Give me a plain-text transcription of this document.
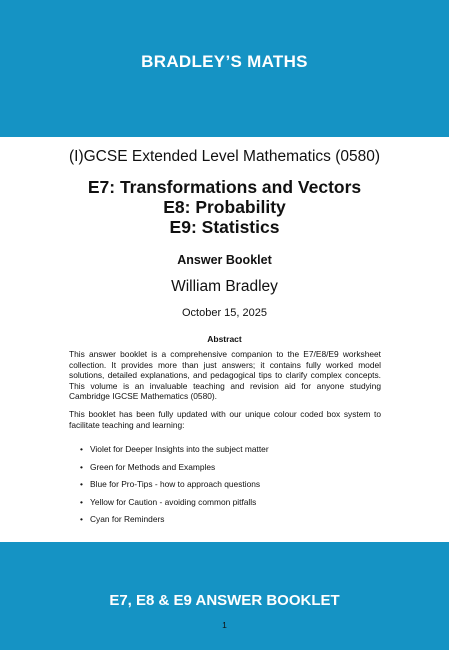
BRADLEY’S MATHS
(I)GCSE Extended Level Mathematics (0580)
E7: Transformations and Vectors
E8: Probability
E9: Statistics
Answer Booklet
William Bradley
October 15, 2025
Abstract
This answer booklet is a comprehensive companion to the E7/E8/E9 worksheet collection. It provides more than just answers; it contains fully worked model solutions, detailed explanations, and pedagogical tips to clarify complex concepts. This volume is an invaluable teaching and revision aid for anyone studying Cambridge IGCSE Mathematics (0580).
This booklet has been fully updated with our unique colour coded box system to facilitate teaching and learning:
• Violet for Deeper Insights into the subject matter
• Green for Methods and Examples
• Blue for Pro-Tips - how to approach questions
• Yellow for Caution - avoiding common pitfalls
• Cyan for Reminders
E7, E8 & E9 ANSWER BOOKLET
1
